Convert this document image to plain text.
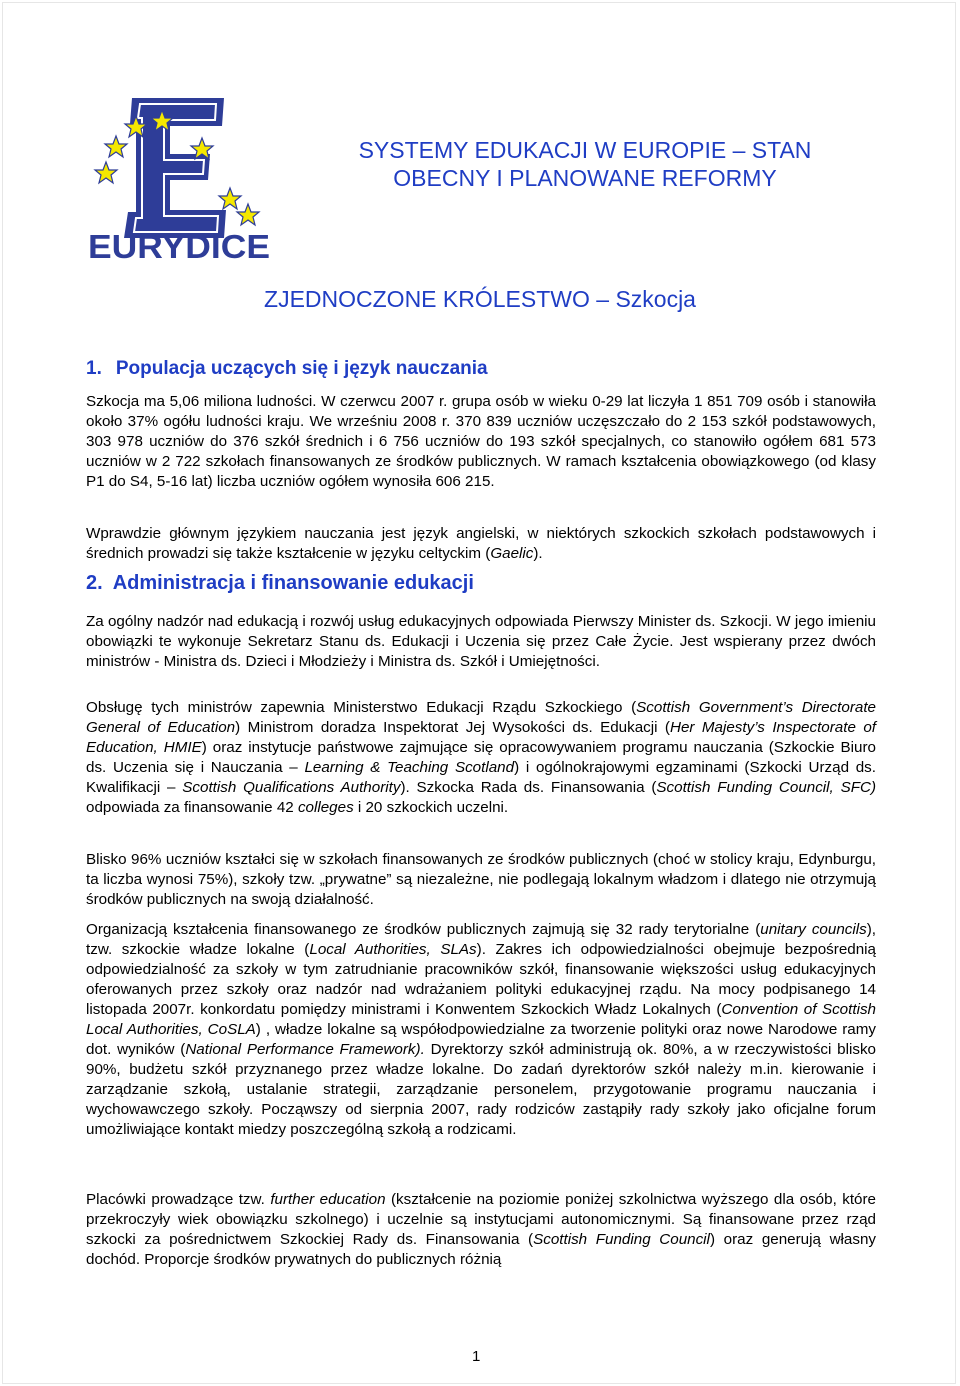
EURYDICE
SYSTEMY EDUKACJI W EUROPIE – STAN
OBECNY I PLANOWANE REFORMY
ZJEDNOCZONE KRÓLESTWO – Szkocja
1. Populacja uczących się i język nauczania
Szkocja ma 5,06 miliona ludności. W czerwcu 2007 r. grupa osób w wieku 0-29 lat liczyła 1 851 709 osób i stanowiła około 37% ogółu ludności kraju. We wrześniu 2008 r. 370 839 uczniów uczęszczało do 2 153 szkół podstawowych, 303 978 uczniów do 376 szkół średnich i 6 756 uczniów do 193 szkół specjalnych, co stanowiło ogółem 681 573 uczniów w 2 722 szkołach finansowanych ze środków publicznych. W ramach kształcenia obowiązkowego (od klasy P1 do S4, 5-16 lat) liczba uczniów ogółem wynosiła 606 215.
Wprawdzie głównym językiem nauczania jest język angielski, w niektórych szkockich szkołach podstawowych i średnich prowadzi się także kształcenie w języku celtyckim (Gaelic).
2. Administracja i finansowanie edukacji
Za ogólny nadzór nad edukacją i rozwój usług edukacyjnych odpowiada Pierwszy Minister ds. Szkocji. W jego imieniu obowiązki te wykonuje Sekretarz Stanu ds. Edukacji i Uczenia się przez Całe Życie. Jest wspierany przez dwóch ministrów - Ministra ds. Dzieci i Młodzieży i Ministra ds. Szkół i Umiejętności.
Obsługę tych ministrów zapewnia Ministerstwo Edukacji Rządu Szkockiego (Scottish Government’s Directorate General of Education) Ministrom doradza Inspektorat Jej Wysokości ds. Edukacji (Her Majesty’s Inspectorate of Education, HMIE) oraz instytucje państwowe zajmujące się opracowywaniem programu nauczania (Szkockie Biuro ds. Uczenia się i Nauczania – Learning & Teaching Scotland) i ogólnokrajowymi egzaminami (Szkocki Urząd ds. Kwalifikacji – Scottish Qualifications Authority). Szkocka Rada ds. Finansowania (Scottish Funding Council, SFC) odpowiada za finansowanie 42 colleges i 20 szkockich uczelni.
Blisko 96% uczniów kształci się w szkołach finansowanych ze środków publicznych (choć w stolicy kraju, Edynburgu, ta liczba wynosi 75%), szkoły tzw. „prywatne” są niezależne, nie podlegają lokalnym władzom i dlatego nie otrzymują środków publicznych na swoją działalność.
Organizacją kształcenia finansowanego ze środków publicznych zajmują się 32 rady terytorialne (unitary councils), tzw. szkockie władze lokalne (Local Authorities, SLAs). Zakres ich odpowiedzialności obejmuje bezpośrednią odpowiedzialność za szkoły w tym zatrudnianie pracowników szkół, finansowanie większości usług edukacyjnych oferowanych przez szkoły oraz nadzór nad wdrażaniem polityki edukacyjnej rządu. Na mocy podpisanego 14 listopada 2007r. konkordatu pomiędzy ministrami i Konwentem Szkockich Władz Lokalnych (Convention of Scottish Local Authorities, CoSLA) , władze lokalne są współodpowiedzialne za tworzenie polityki oraz nowe Narodowe ramy dot. wyników (National Performance Framework). Dyrektorzy szkół administrują ok. 80%, a w rzeczywistości blisko 90%, budżetu szkół przyznanego przez władze lokalne. Do zadań dyrektorów szkół należy m.in. kierowanie i zarządzanie szkołą, ustalanie strategii, zarządzanie personelem, przygotowanie programu nauczania i wychowawczego szkoły. Począwszy od sierpnia 2007, rady rodziców zastąpiły rady szkoły jako oficjalne forum umożliwiające kontakt miedzy poszczególną szkołą a rodzicami.
Placówki prowadzące tzw. further education (kształcenie na poziomie poniżej szkolnictwa wyższego dla osób, które przekroczyły wiek obowiązku szkolnego) i uczelnie są instytucjami autonomicznymi. Są finansowane przez rząd szkocki za pośrednictwem Szkockiej Rady ds. Finansowania (Scottish Funding Council) oraz generują własny dochód. Proporcje środków prywatnych do publicznych różnią
1
